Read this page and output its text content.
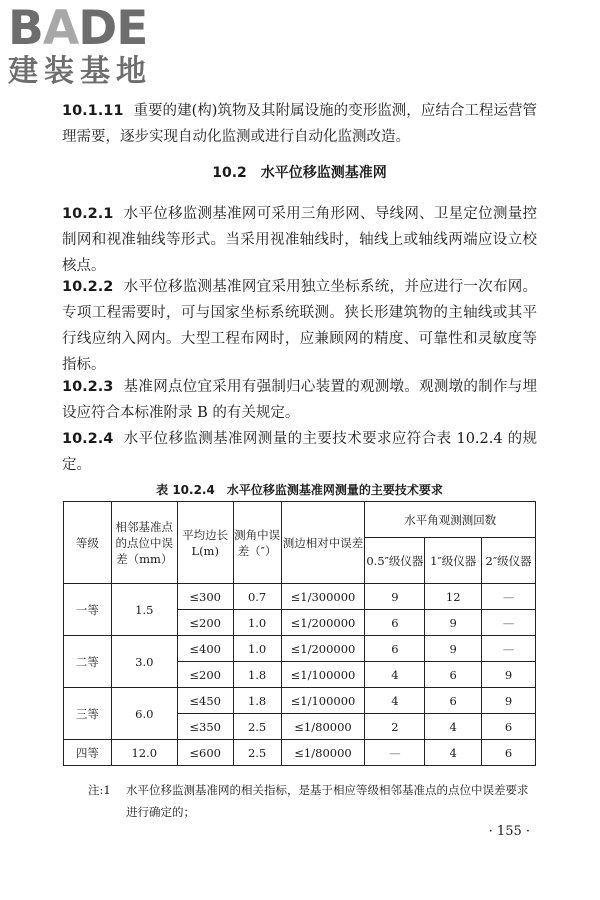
BADE
建装基地
10.1.11 重要的建(构)筑物及其附属设施的变形监测，应结合工程运营管理需要，逐步实现自动化监测或进行自动化监测改造。
10.2 水平位移监测基准网
10.2.1 水平位移监测基准网可采用三角形网、导线网、卫星定位测量控制网和视准轴线等形式。当采用视准轴线时，轴线上或轴线两端应设立校核点。
10.2.2 水平位移监测基准网宜采用独立坐标系统，并应进行一次布网。专项工程需要时，可与国家坐标系统联测。狭长形建筑物的主轴线或其平行线应纳入网内。大型工程布网时，应兼顾网的精度、可靠性和灵敏度等指标。
10.2.3 基准网点位宜采用有强制归心装置的观测墩。观测墩的制作与埋设应符合本标准附录 B 的有关规定。
10.2.4 水平位移监测基准网测量的主要技术要求应符合表 10.2.4 的规定。
表 10.2.4 水平位移监测基准网测量的主要技术要求
等级	相邻基准点的点位中误差（mm）	平均边长 L(m)	测角中误差（″）	测边相对中误差	水平角观测测回数		
					0.5″级仪器	1″级仪器	2″级仪器
一等	1.5	≤300	0.7	≤1/300000	9	12	—
		≤200	1.0	≤1/200000	6	9	—
二等	3.0	≤400	1.0	≤1/200000	6	9	—
		≤200	1.8	≤1/100000	4	6	9
三等	6.0	≤450	1.8	≤1/100000	4	6	9
		≤350	2.5	≤1/80000	2	4	6
四等	12.0	≤600	2.5	≤1/80000	—	4	6
注:1 水平位移监测基准网的相关指标，是基于相应等级相邻基准点的点位中误差要求进行确定的；
· 155 ·
